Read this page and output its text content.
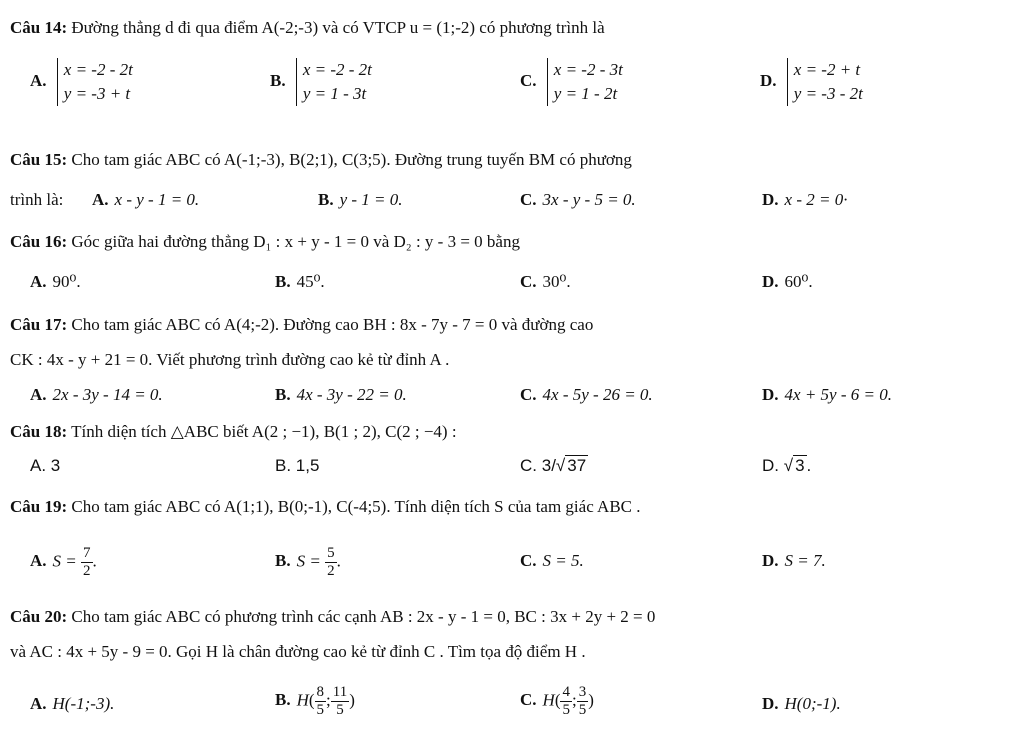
Câu 14: Đường thẳng d đi qua điểm A(-2;-3) và có VTCP u = (1;-2) có phương trình là
A. x = -2 - 2t
y = -3 + t
B. x = -2 - 2t
y = 1 - 3t
C. x = -2 - 3t
y = 1 - 2t
D. x = -2 + t
y = -3 - 2t
Câu 15: Cho tam giác ABC có A(-1;-3), B(2;1), C(3;5). Đường trung tuyến BM có phương
trình là: A. x - y - 1 = 0.	B. y - 1 = 0.	C. 3x - y - 5 = 0.	D. x - 2 = 0·
Câu 16: Góc giữa hai đường thẳng D₁ : x + y - 1 = 0 và D₂ : y - 3 = 0 bằng
A. 90⁰.	B. 45⁰.	C. 30⁰.	D. 60⁰.
Câu 17: Cho tam giác ABC có A(4;-2). Đường cao BH : 8x - 7y - 7 = 0 và đường cao
CK : 4x - y + 21 = 0. Viết phương trình đường cao kẻ từ đỉnh A .
A. 2x - 3y - 14 = 0.	B. 4x - 3y - 22 = 0.	C. 4x - 5y - 26 = 0.	D. 4x + 5y - 6 = 0.
Câu 18: Tính diện tích △ABC biết A(2 ; −1), B(1 ; 2), C(2 ; −4) :
A. 3	B. 1,5	C. 3/√ 37	D. √ 3 .
Câu 19: Cho tam giác ABC có A(1;1), B(0;-1), C(-4;5). Tính diện tích S của tam giác ABC .
A. $S = \frac{7}{2}$ .	B. $S = \frac{5}{2}$ .	C. S = 5.	D. S = 7.
Câu 20: Cho tam giác ABC có phương trình các cạnh AB : 2x - y - 1 = 0, BC : 3x + 2y + 2 = 0
và AC : 4x + 5y - 9 = 0. Gọi H là chân đường cao kẻ từ đỉnh C . Tìm tọa độ điểm H .
A. H(-1;-3).	B. $H( \frac{8}{5}$ ; $\frac{11}{5}$ )	C. $H( \frac{4}{5}$ ; $\frac{3}{5}$ )	D. H(0;-1).
